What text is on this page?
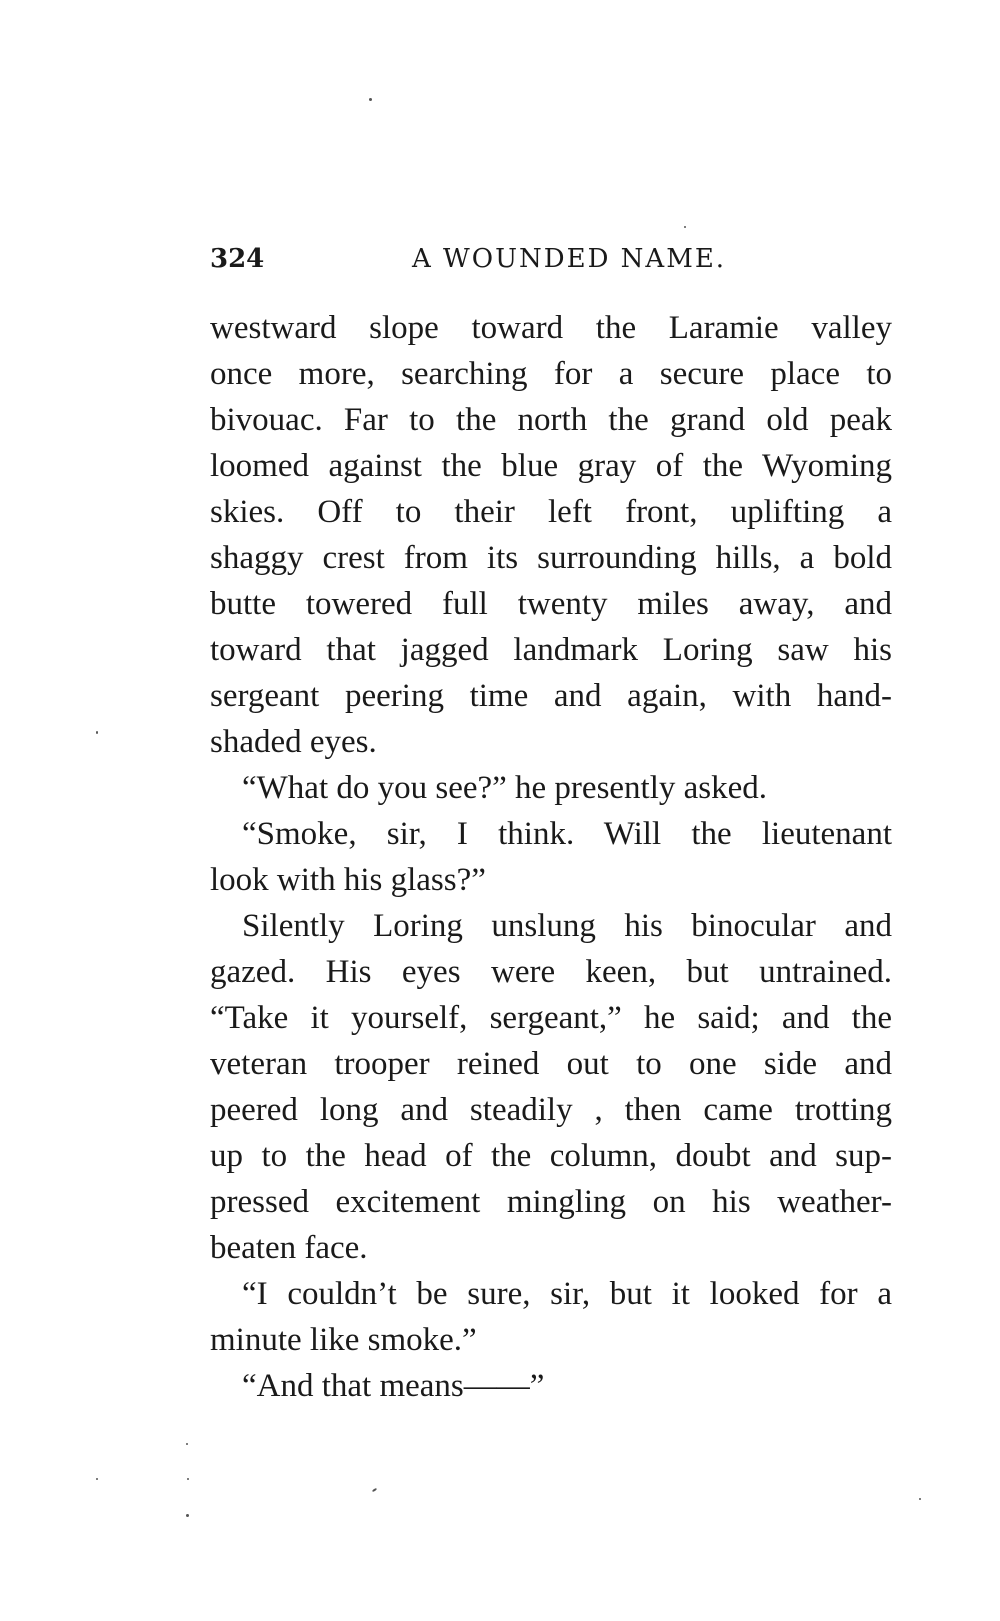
324	A WOUNDED NAME.
westward slope toward the Laramie valley
once more, searching for a secure place to
bivouac. Far to the north the grand old peak
loomed against the blue gray of the Wyoming
skies. Off to their left front, uplifting a
shaggy crest from its surrounding hills, a bold
butte towered full twenty miles away, and
toward that jagged landmark Loring saw his
sergeant peering time and again, with hand-
shaded eyes.
“What do you see?” he presently asked.
“Smoke, sir, I think. Will the lieutenant
look with his glass?”
Silently Loring unslung his binocular and
gazed. His eyes were keen, but untrained.
“Take it yourself, sergeant,” he said; and the
veteran trooper reined out to one side and
peered long and steadily , then came trotting
up to the head of the column, doubt and sup-
pressed excitement mingling on his weather-
beaten face.
“I couldn’t be sure, sir, but it looked for a
minute like smoke.”
“And that means——”
